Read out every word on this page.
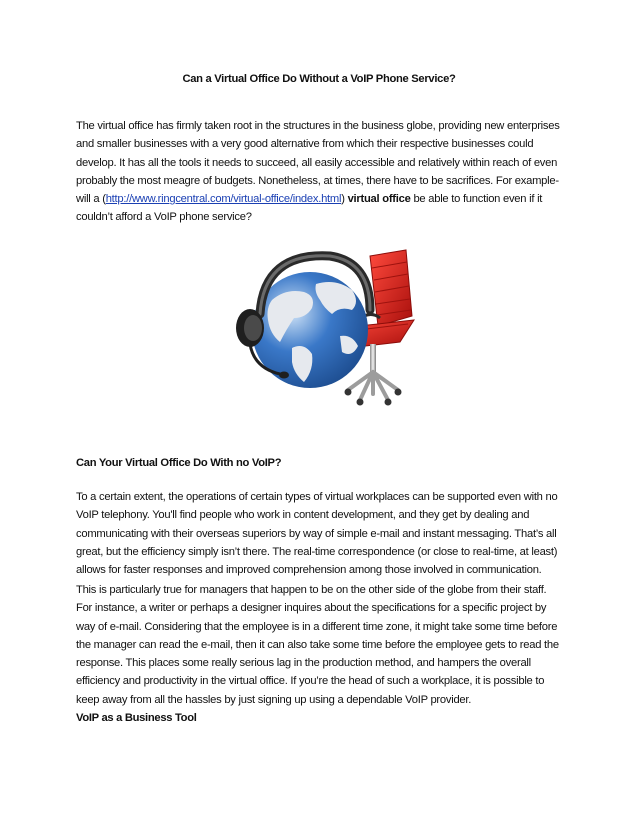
Can a Virtual Office Do Without a VoIP Phone Service?

The virtual office has firmly taken root in the structures in the business globe, providing new enterprises
and smaller businesses with a very good alternative from which their respective businesses could
develop. It has all the tools it needs to succeed, all easily accessible and relatively within reach of even
probably the most meagre of budgets. Nonetheless, at times, there have to be sacrifices. For example-
will a (http://www.ringcentral.com/virtual-office/index.html) virtual office be able to function even if it
couldn’t afford a VoIP phone service?

Can Your Virtual Office Do With no VoIP?

To a certain extent, the operations of certain types of virtual workplaces can be supported even with no
VoIP telephony. You'll find people who work in content development, and they get by dealing and
communicating with their overseas superiors by way of simple e-mail and instant messaging. That’s all
great, but the efficiency simply isn’t there. The real-time correspondence (or close to real-time, at least)
allows for faster responses and improved comprehension among those involved in communication.

This is particularly true for managers that happen to be on the other side of the globe from their staff.
For instance, a writer or perhaps a designer inquires about the specifications for a specific project by
way of e-mail. Considering that the employee is in a different time zone, it might take some time before
the manager can read the e-mail, then it can also take some time before the employee gets to read the
response. This places some really serious lag in the production method, and hampers the overall
efficiency and productivity in the virtual office. If you’re the head of such a workplace, it is possible to
keep away from all the hassles by just signing up using a dependable VoIP provider.

VoIP as a Business Tool
